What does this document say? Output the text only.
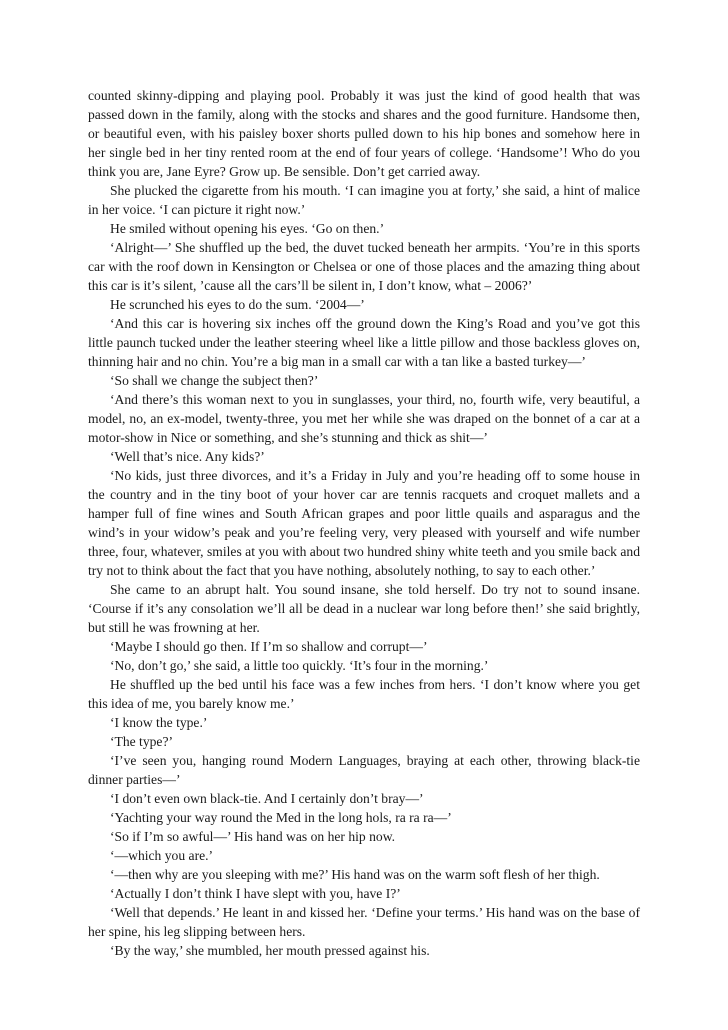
counted skinny-dipping and playing pool. Probably it was just the kind of good health that was passed down in the family, along with the stocks and shares and the good furniture. Handsome then, or beautiful even, with his paisley boxer shorts pulled down to his hip bones and somehow here in her single bed in her tiny rented room at the end of four years of college. ‘Handsome’! Who do you think you are, Jane Eyre? Grow up. Be sensible. Don’t get carried away.

She plucked the cigarette from his mouth. ‘I can imagine you at forty,’ she said, a hint of malice in her voice. ‘I can picture it right now.’

He smiled without opening his eyes. ‘Go on then.’

‘Alright—’ She shuffled up the bed, the duvet tucked beneath her armpits. ‘You’re in this sports car with the roof down in Kensington or Chelsea or one of those places and the amazing thing about this car is it’s silent, ’cause all the cars’ll be silent in, I don’t know, what – 2006?’

He scrunched his eyes to do the sum. ‘2004—’

‘And this car is hovering six inches off the ground down the King’s Road and you’ve got this little paunch tucked under the leather steering wheel like a little pillow and those backless gloves on, thinning hair and no chin. You’re a big man in a small car with a tan like a basted turkey—’

‘So shall we change the subject then?’

‘And there’s this woman next to you in sunglasses, your third, no, fourth wife, very beautiful, a model, no, an ex-model, twenty-three, you met her while she was draped on the bonnet of a car at a motor-show in Nice or something, and she’s stunning and thick as shit—’

‘Well that’s nice. Any kids?’

‘No kids, just three divorces, and it’s a Friday in July and you’re heading off to some house in the country and in the tiny boot of your hover car are tennis racquets and croquet mallets and a hamper full of fine wines and South African grapes and poor little quails and asparagus and the wind’s in your widow’s peak and you’re feeling very, very pleased with yourself and wife number three, four, whatever, smiles at you with about two hundred shiny white teeth and you smile back and try not to think about the fact that you have nothing, absolutely nothing, to say to each other.’

She came to an abrupt halt. You sound insane, she told herself. Do try not to sound insane. ‘Course if it’s any consolation we’ll all be dead in a nuclear war long before then!’ she said brightly, but still he was frowning at her.

‘Maybe I should go then. If I’m so shallow and corrupt—’

‘No, don’t go,’ she said, a little too quickly. ‘It’s four in the morning.’

He shuffled up the bed until his face was a few inches from hers. ‘I don’t know where you get this idea of me, you barely know me.’

‘I know the type.’

‘The type?’

‘I’ve seen you, hanging round Modern Languages, braying at each other, throwing black-tie dinner parties—’

‘I don’t even own black-tie. And I certainly don’t bray—’

‘Yachting your way round the Med in the long hols, ra ra ra—’

‘So if I’m so awful—’ His hand was on her hip now.

‘—which you are.’

‘—then why are you sleeping with me?’ His hand was on the warm soft flesh of her thigh.

‘Actually I don’t think I have slept with you, have I?’

‘Well that depends.’ He leant in and kissed her. ‘Define your terms.’ His hand was on the base of her spine, his leg slipping between hers.

‘By the way,’ she mumbled, her mouth pressed against his.
